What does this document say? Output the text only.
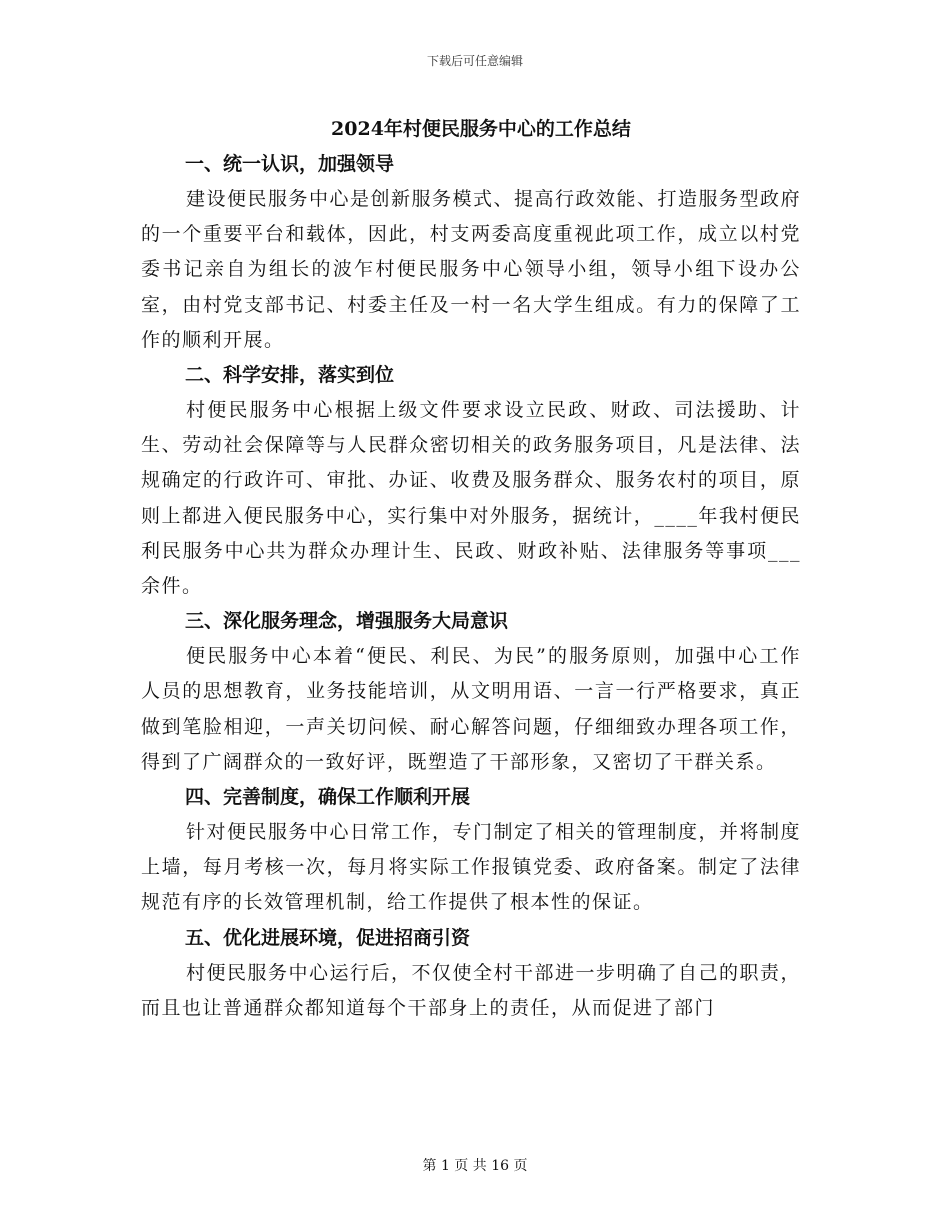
下载后可任意编辑
2024年村便民服务中心的工作总结
一、统一认识，加强领导

建设便民服务中心是创新服务模式、提高行政效能、打造服务型政府的一个重要平台和载体，因此，村支两委高度重视此项工作，成立以村党委书记亲自为组长的波乍村便民服务中心领导小组，领导小组下设办公室，由村党支部书记、村委主任及一村一名大学生组成。有力的保障了工作的顺利开展。

二、科学安排，落实到位

村便民服务中心根据上级文件要求设立民政、财政、司法援助、计生、劳动社会保障等与人民群众密切相关的政务服务项目，凡是法律、法规确定的行政许可、审批、办证、收费及服务群众、服务农村的项目，原则上都进入便民服务中心，实行集中对外服务，据统计，____年我村便民利民服务中心共为群众办理计生、民政、财政补贴、法律服务等事项___余件。

三、深化服务理念，增强服务大局意识

便民服务中心本着“便民、利民、为民”的服务原则，加强中心工作人员的思想教育，业务技能培训，从文明用语、一言一行严格要求，真正做到笔脸相迎，一声关切问候、耐心解答问题，仔细细致办理各项工作，得到了广阔群众的一致好评，既塑造了干部形象，又密切了干群关系。

四、完善制度，确保工作顺利开展

针对便民服务中心日常工作，专门制定了相关的管理制度，并将制度上墙，每月考核一次，每月将实际工作报镇党委、政府备案。制定了法律规范有序的长效管理机制，给工作提供了根本性的保证。

五、优化进展环境，促进招商引资

村便民服务中心运行后，不仅使全村干部进一步明确了自己的职责，而且也让普通群众都知道每个干部身上的责任，从而促进了部门

第 1 页 共 16 页
